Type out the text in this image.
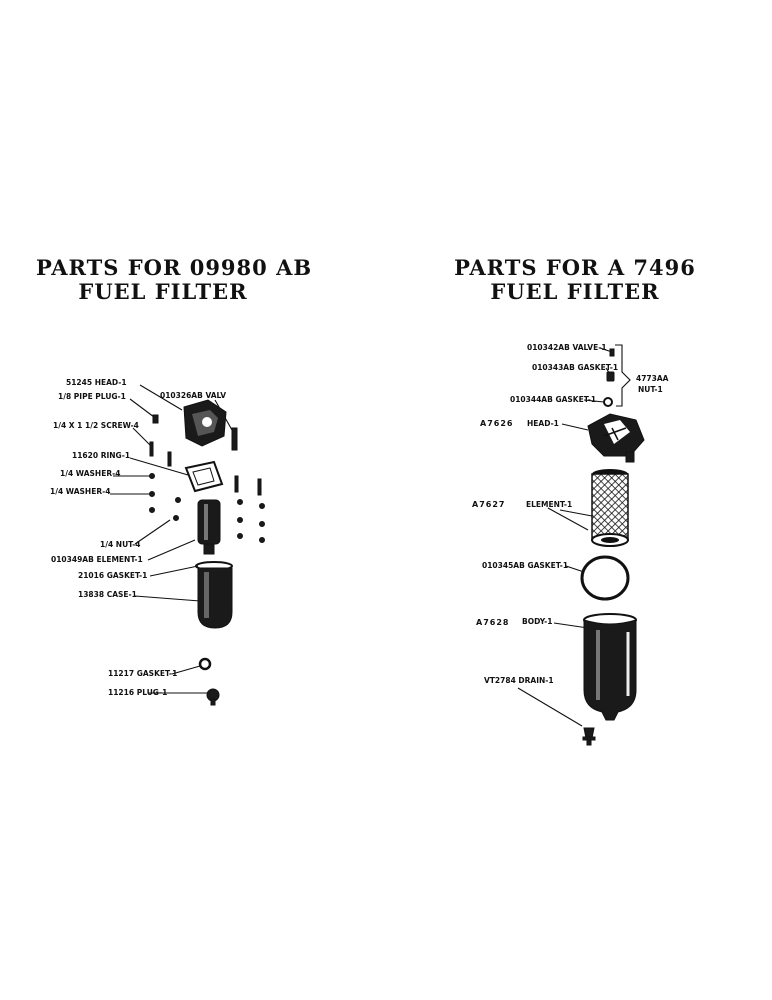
PARTS FOR 09980 AB
FUEL FILTER
PARTS FOR A 7496
FUEL FILTER
51245 HEAD-1
010326AB VALV
1/8 PIPE PLUG-1
1/4 X 1 1/2 SCREW-4
11620 RING-1
1/4 WASHER-4
1/4 WASHER-4
1/4 NUT-4
010349AB ELEMENT-1
21016 GASKET-1
13838 CASE-1
11217 GASKET-1
11216 PLUG-1
010342AB VALVE-1
010343AB GASKET-1
4773AA
NUT-1
010344AB GASKET-1
A7626 HEAD-1
A7627	ELEMENT-1
010345AB GASKET-1
A7628 BODY-1
VT2784 DRAIN-1
